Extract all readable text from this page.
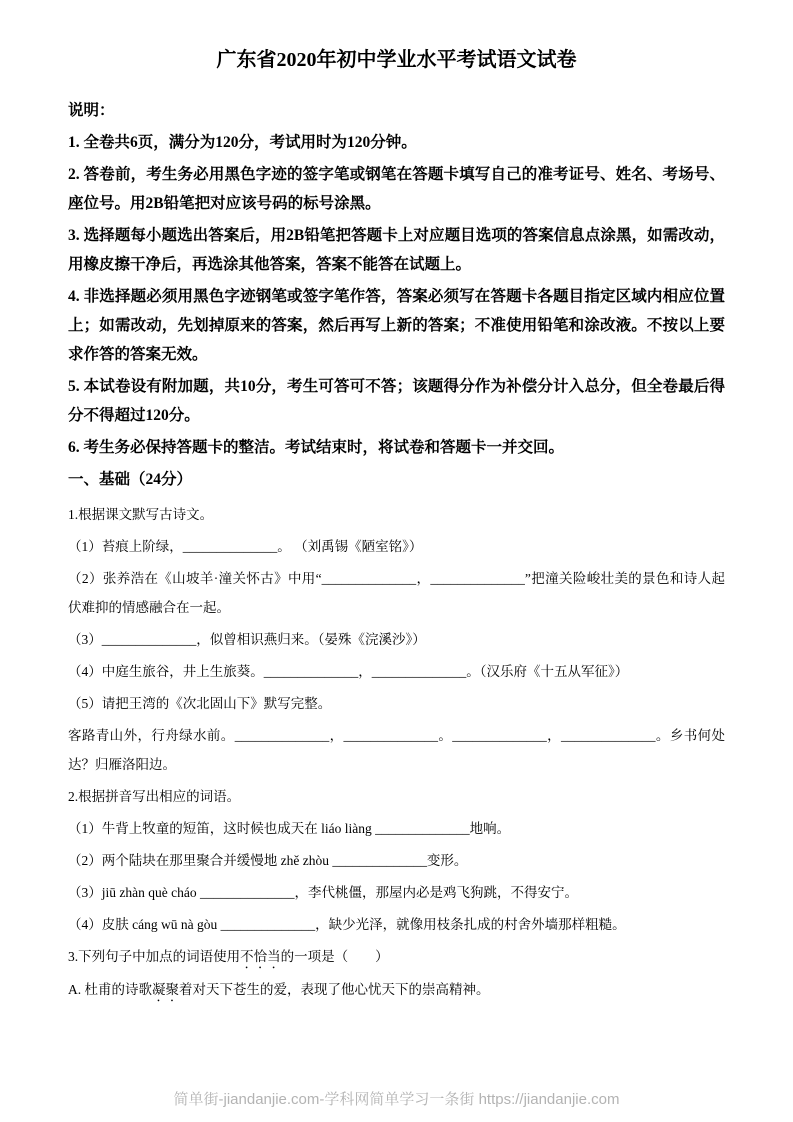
广东省2020年初中学业水平考试语文试卷

说明：

1. 全卷共6页，满分为120分，考试用时为120分钟。

2. 答卷前，考生务必用黑色字迹的签字笔或钢笔在答题卡填写自己的准考证号、姓名、考场号、座位号。用2B铅笔把对应该号码的标号涂黑。

3. 选择题每小题选出答案后，用2B铅笔把答题卡上对应题目选项的答案信息点涂黑，如需改动，用橡皮擦干净后，再选涂其他答案，答案不能答在试题上。

4. 非选择题必须用黑色字迹钢笔或签字笔作答，答案必须写在答题卡各题目指定区域内相应位置上；如需改动，先划掉原来的答案，然后再写上新的答案；不准使用铅笔和涂改液。不按以上要求作答的答案无效。

5. 本试卷设有附加题，共10分，考生可答可不答；该题得分作为补偿分计入总分，但全卷最后得分不得超过120分。

6. 考生务必保持答题卡的整洁。考试结束时，将试卷和答题卡一并交回。

一、基础（24分）

1.根据课文默写古诗文。

（1）苔痕上阶绿，______________。 （刘禹锡《陋室铭》）

（2）张养浩在《山坡羊·潼关怀古》中用“______________，______________”把潼关险峻壮美的景色和诗人起伏难抑的情感融合在一起。

（3）______________，似曾相识燕归来。（晏殊《浣溪沙》）

（4）中庭生旅谷，井上生旅葵。______________，______________。（汉乐府《十五从军征》）

（5）请把王湾的《次北固山下》默写完整。

客路青山外，行舟绿水前。______________，______________。______________，______________。乡书何处达？归雁洛阳边。

2.根据拼音写出相应的词语。

（1）牛背上牧童的短笛，这时候也成天在 liáo liàng ______________地响。

（2）两个陆块在那里聚合并缓慢地 zhě zhòu ______________变形。

（3）jiū zhàn què cháo ______________，李代桃僵，那屋内必是鸡飞狗跳，不得安宁。

（4）皮肤 cáng wū nà gòu ______________，缺少光泽，就像用枝条扎成的村舍外墙那样粗糙。

3.下列句子中加点的词语使用不恰当的一项是（　　）

A. 杜甫的诗歌凝聚着对天下苍生的爱，表现了他心忧天下的崇高精神。

简单街-jiandanjie.com-学科网简单学习一条街 https://jiandanjie.com
